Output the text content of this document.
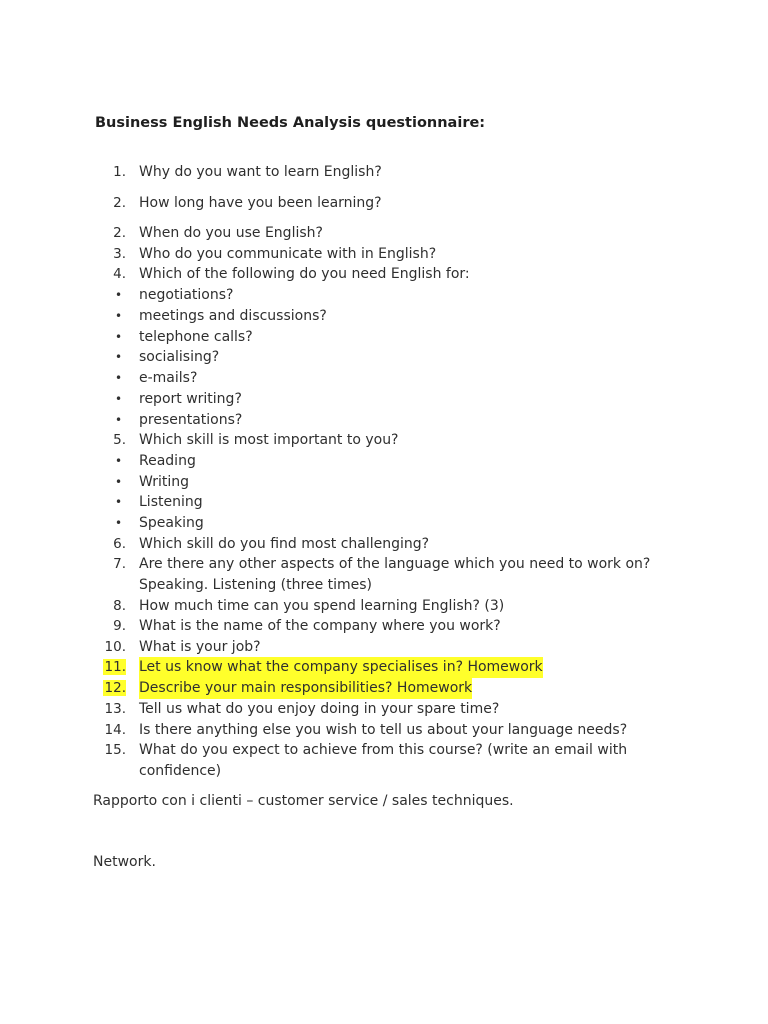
Business English Needs Analysis questionnaire:
1. Why do you want to learn English?
2. How long have you been learning?
2. When do you use English?
3. Who do you communicate with in English?
4. Which of the following do you need English for:
• negotiations?
• meetings and discussions?
• telephone calls?
• socialising?
• e-mails?
• report writing?
• presentations?
5. Which skill is most important to you?
• Reading
• Writing
• Listening
• Speaking
6. Which skill do you find most challenging?
7. Are there any other aspects of the language which you need to work on?
Speaking. Listening (three times)
8. How much time can you spend learning English? (3)
9. What is the name of the company where you work?
10. What is your job?
11. Let us know what the company specialises in? Homework
12. Describe your main responsibilities? Homework
13. Tell us what do you enjoy doing in your spare time?
14. Is there anything else you wish to tell us about your language needs?
15. What do you expect to achieve from this course? (write an email with
confidence)
Rapporto con i clienti – customer service / sales techniques.
Network.
